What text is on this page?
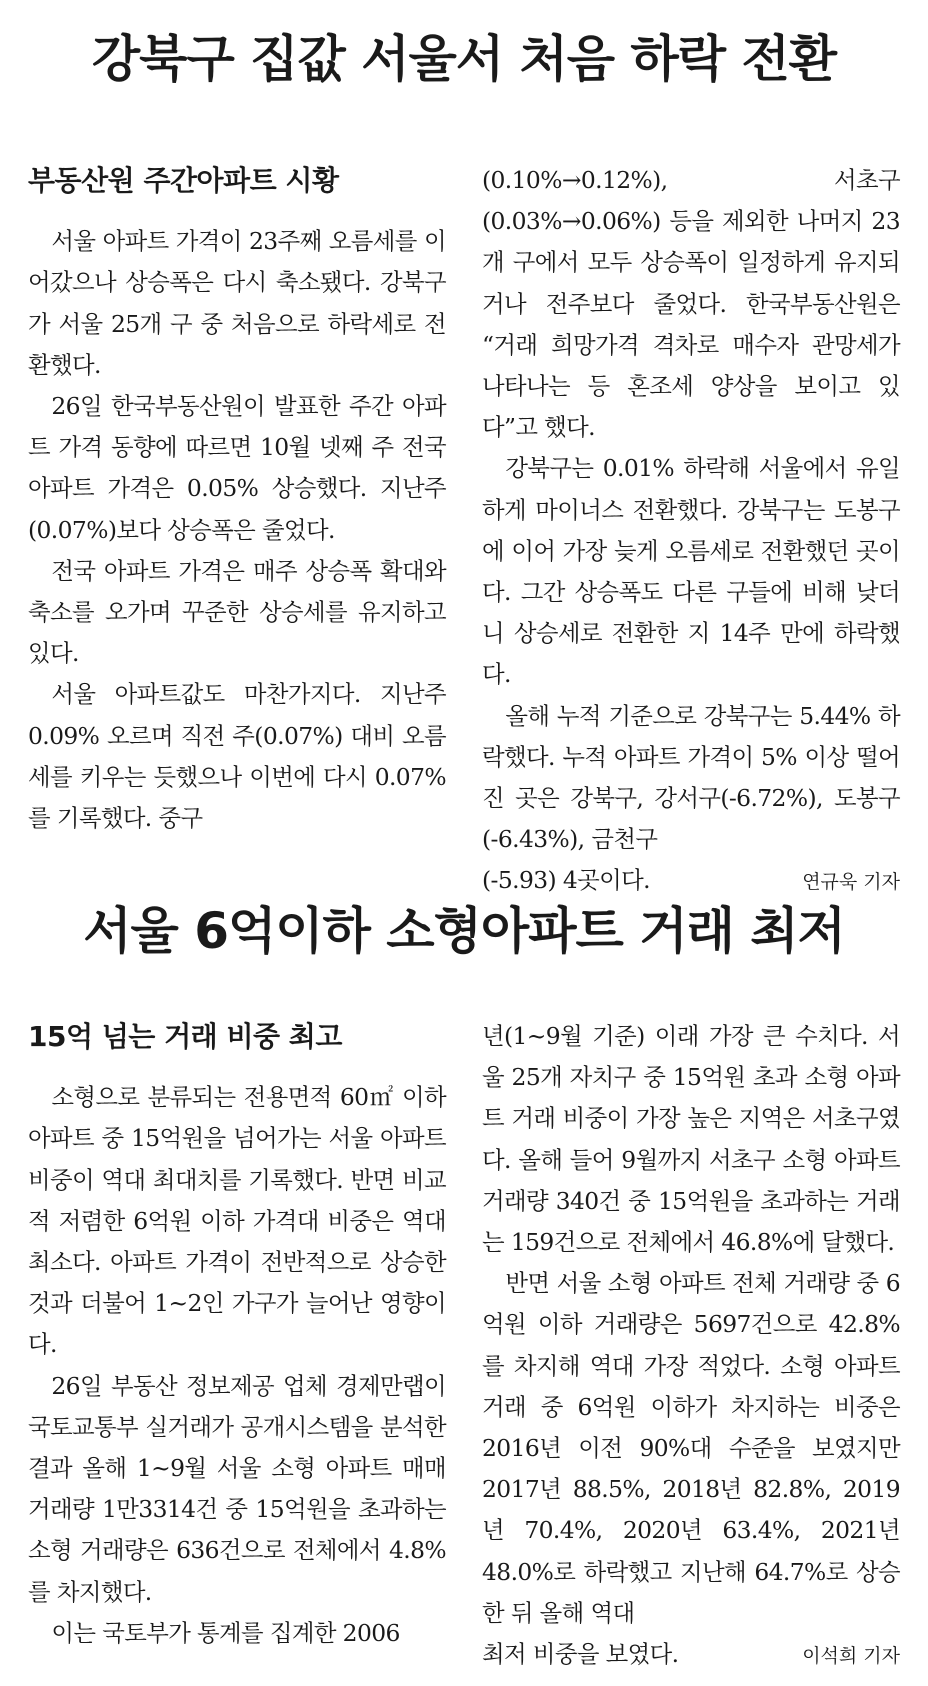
강북구 집값 서울서 처음 하락 전환
부동산원 주간아파트 시황

서울 아파트 가격이 23주째 오름세를 이어갔으나 상승폭은 다시 축소됐다. 강북구가 서울 25개 구 중 처음으로 하락세로 전환했다.

26일 한국부동산원이 발표한 주간 아파트 가격 동향에 따르면 10월 넷째 주 전국 아파트 가격은 0.05% 상승했다. 지난주(0.07%)보다 상승폭은 줄었다.

전국 아파트 가격은 매주 상승폭 확대와 축소를 오가며 꾸준한 상승세를 유지하고 있다.

서울 아파트값도 마찬가지다. 지난주 0.09% 오르며 직전 주(0.07%) 대비 오름세를 키우는 듯했으나 이번에 다시 0.07%를 기록했다. 중구

(0.10%→0.12%), 서초구(0.03%→0.06%) 등을 제외한 나머지 23개 구에서 모두 상승폭이 일정하게 유지되거나 전주보다 줄었다. 한국부동산원은 “거래 희망가격 격차로 매수자 관망세가 나타나는 등 혼조세 양상을 보이고 있다”고 했다.

강북구는 0.01% 하락해 서울에서 유일하게 마이너스 전환했다. 강북구는 도봉구에 이어 가장 늦게 오름세로 전환했던 곳이다. 그간 상승폭도 다른 구들에 비해 낮더니 상승세로 전환한 지 14주 만에 하락했다.

올해 누적 기준으로 강북구는 5.44% 하락했다. 누적 아파트 가격이 5% 이상 떨어진 곳은 강북구, 강서구(-6.72%), 도봉구(-6.43%), 금천구

(-5.93) 4곳이다.	연규욱 기자
서울 6억이하 소형아파트 거래 최저
15억 넘는 거래 비중 최고

소형으로 분류되는 전용면적 60㎡ 이하 아파트 중 15억원을 넘어가는 서울 아파트 비중이 역대 최대치를 기록했다. 반면 비교적 저렴한 6억원 이하 가격대 비중은 역대 최소다. 아파트 가격이 전반적으로 상승한 것과 더불어 1~2인 가구가 늘어난 영향이다.

26일 부동산 정보제공 업체 경제만랩이 국토교통부 실거래가 공개시스템을 분석한 결과 올해 1~9월 서울 소형 아파트 매매 거래량 1만3314건 중 15억원을 초과하는 소형 거래량은 636건으로 전체에서 4.8%를 차지했다.

이는 국토부가 통계를 집계한 2006

년(1~9월 기준) 이래 가장 큰 수치다. 서울 25개 자치구 중 15억원 초과 소형 아파트 거래 비중이 가장 높은 지역은 서초구였다. 올해 들어 9월까지 서초구 소형 아파트 거래량 340건 중 15억원을 초과하는 거래는 159건으로 전체에서 46.8%에 달했다.

반면 서울 소형 아파트 전체 거래량 중 6억원 이하 거래량은 5697건으로 42.8%를 차지해 역대 가장 적었다. 소형 아파트 거래 중 6억원 이하가 차지하는 비중은 2016년 이전 90%대 수준을 보였지만 2017년 88.5%, 2018년 82.8%, 2019년 70.4%, 2020년 63.4%, 2021년 48.0%로 하락했고 지난해 64.7%로 상승한 뒤 올해 역대

최저 비중을 보였다.	이석희 기자
